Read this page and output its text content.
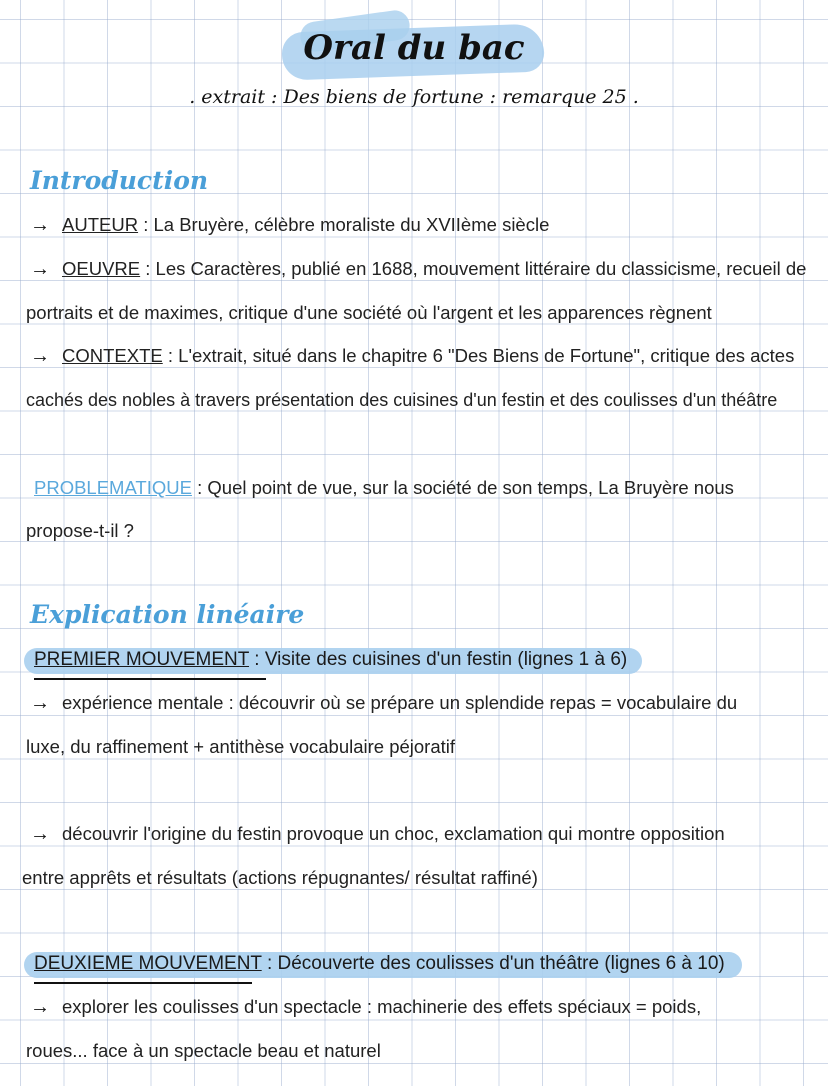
Oral du bac
. extrait : Des biens de fortune : remarque 25 .
Introduction
→ AUTEUR : La Bruyère, célèbre moraliste du XVIIème siècle
→ OEUVRE : Les Caractères, publié en 1688, mouvement littéraire du classicisme, recueil de
portraits et de maximes, critique d'une société où l'argent et les apparences règnent
→ CONTEXTE : L'extrait, situé dans le chapitre 6 "Des Biens de Fortune", critique des actes
cachés des nobles à travers présentation des cuisines d'un festin et des coulisses d'un théâtre
PROBLEMATIQUE : Quel point de vue, sur la société de son temps, La Bruyère nous
propose-t-il ?
Explication linéaire
PREMIER MOUVEMENT : Visite des cuisines d'un festin (lignes 1 à 6)
→ expérience mentale : découvrir où se prépare un splendide repas = vocabulaire du
luxe, du raffinement + antithèse vocabulaire péjoratif
→ découvrir l'origine du festin provoque un choc, exclamation qui montre opposition
entre apprêts et résultats (actions répugnantes/ résultat raffiné)
DEUXIEME MOUVEMENT : Découverte des coulisses d'un théâtre (lignes 6 à 10)
→ explorer les coulisses d'un spectacle : machinerie des effets spéciaux = poids,
roues... face à un spectacle beau et naturel
